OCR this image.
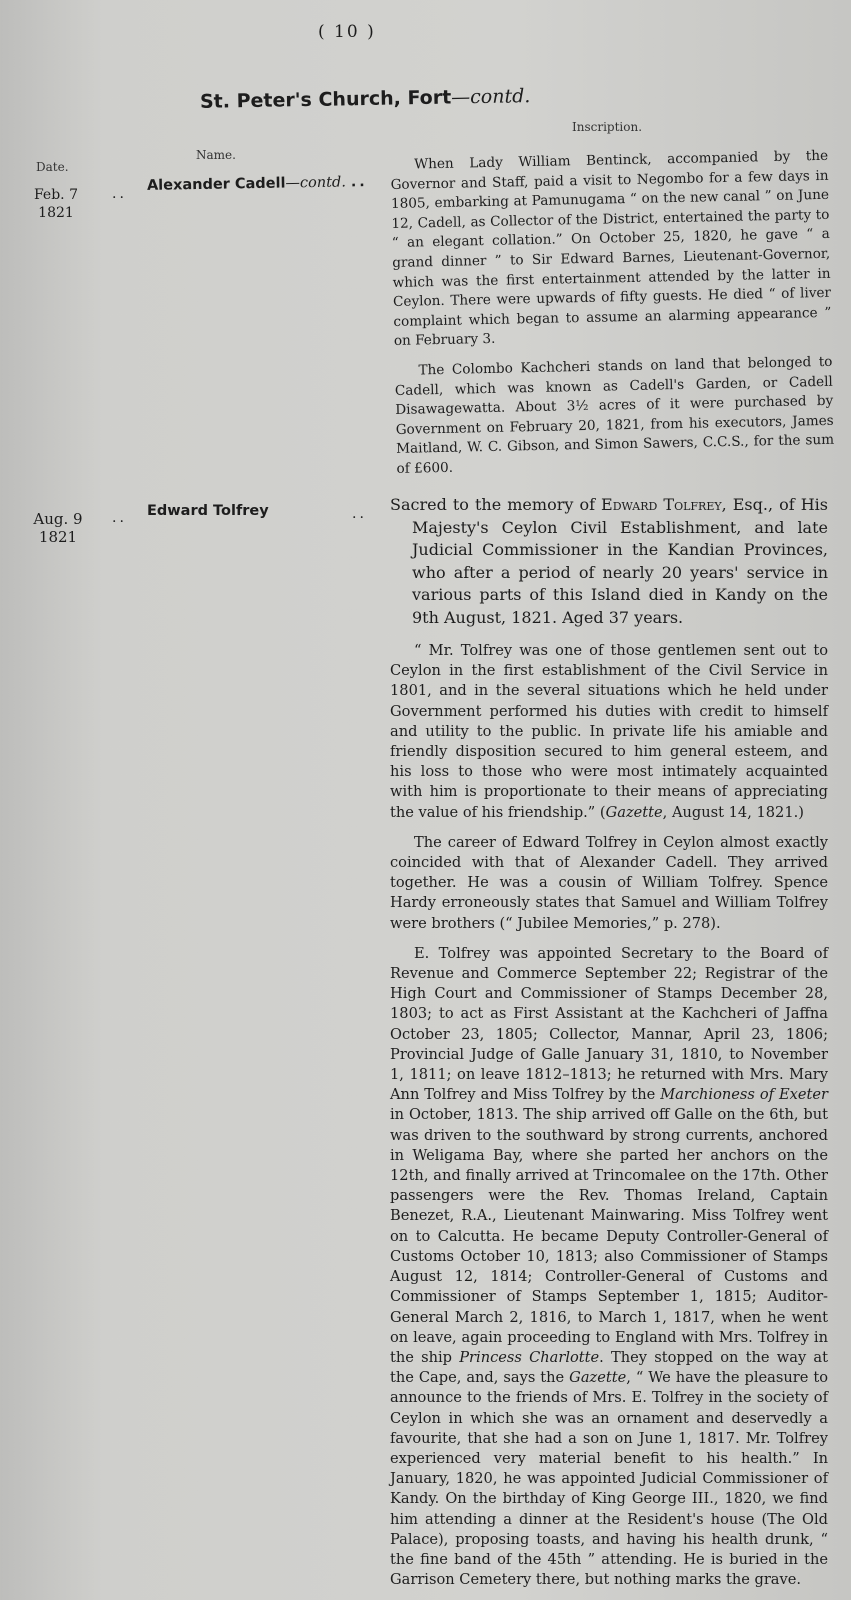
( 10 )
St. Peter's Church, Fort—contd.
Date.
Name.
Inscription.
Feb. 7
1821
..
Alexander Cadell—contd. ..

When Lady William Bentinck, accompanied by the Governor and Staff, paid a visit to Negombo for a few days in 1805, embarking at Pamunugama “ on the new canal ” on June 12, Cadell, as Collector of the District, entertained the party to “ an elegant collation.” On October 25, 1820, he gave “ a grand dinner ” to Sir Edward Barnes, Lieutenant-Governor, which was the first entertainment attended by the latter in Ceylon. There were upwards of fifty guests. He died “ of liver complaint which began to assume an alarming appearance ” on February 3.

The Colombo Kachcheri stands on land that belonged to Cadell, which was known as Cadell's Garden, or Cadell Disawagewatta. About 3½ acres of it were purchased by Government on February 20, 1821, from his executors, James Maitland, W. C. Gibson, and Simon Sawers, C.C.S., for the sum of £600.

Aug. 9
1821
.. Edward Tolfrey	.. Sacred to the memory of Edward Tolfrey, Esq., of His Majesty's Ceylon Civil Establishment, and late Judicial Commissioner in the Kandian Provinces, who after a period of nearly 20 years' service in various parts of this Island died in Kandy on the 9th August, 1821. Aged 37 years.

“ Mr. Tolfrey was one of those gentlemen sent out to Ceylon in the first establishment of the Civil Service in 1801, and in the several situations which he held under Government performed his duties with credit to himself and utility to the public. In private life his amiable and friendly disposition secured to him general esteem, and his loss to those who were most intimately acquainted with him is proportionate to their means of appreciating the value of his friendship.” (Gazette, August 14, 1821.)

The career of Edward Tolfrey in Ceylon almost exactly coincided with that of Alexander Cadell. They arrived together. He was a cousin of William Tolfrey. Spence Hardy erroneously states that Samuel and William Tolfrey were brothers (“ Jubilee Memories,” p. 278).

E. Tolfrey was appointed Secretary to the Board of Revenue and Commerce September 22; Registrar of the High Court and Commissioner of Stamps December 28, 1803; to act as First Assistant at the Kachcheri of Jaffna October 23, 1805; Collector, Mannar, April 23, 1806; Provincial Judge of Galle January 31, 1810, to November 1, 1811; on leave 1812–1813; he returned with Mrs. Mary Ann Tolfrey and Miss Tolfrey by the Marchioness of Exeter in October, 1813. The ship arrived off Galle on the 6th, but was driven to the southward by strong currents, anchored in Weligama Bay, where she parted her anchors on the 12th, and finally arrived at Trincomalee on the 17th. Other passengers were the Rev. Thomas Ireland, Captain Benezet, R.A., Lieutenant Mainwaring. Miss Tolfrey went on to Calcutta. He became Deputy Controller-General of Customs October 10, 1813; also Commissioner of Stamps August 12, 1814; Controller-General of Customs and Commissioner of Stamps September 1, 1815; Auditor-General March 2, 1816, to March 1, 1817, when he went on leave, again proceeding to England with Mrs. Tolfrey in the ship Princess Charlotte. They stopped on the way at the Cape, and, says the Gazette, “ We have the pleasure to announce to the friends of Mrs. E. Tolfrey in the society of Ceylon in which she was an ornament and deservedly a favourite, that she had a son on June 1, 1817. Mr. Tolfrey experienced very material benefit to his health.” In January, 1820, he was appointed Judicial Commissioner of Kandy. On the birthday of King George III., 1820, we find him attending a dinner at the Resident's house (The Old Palace), proposing toasts, and having his health drunk, “ the fine band of the 45th ” attending. He is buried in the Garrison Cemetery there, but nothing marks the grave.
